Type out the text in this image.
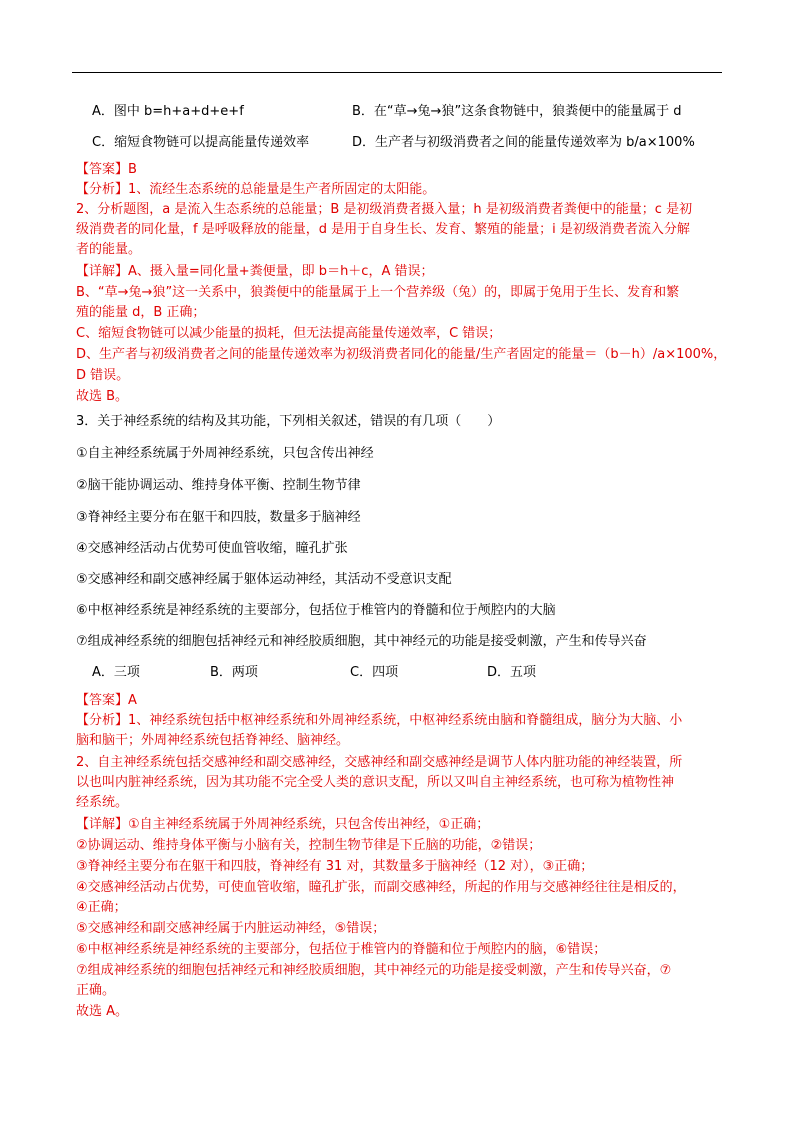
A．图中 b=h+a+d+e+f	B．在“草→兔→狼”这条食物链中，狼粪便中的能量属于 d
C．缩短食物链可以提高能量传递效率	D．生产者与初级消费者之间的能量传递效率为 b/a×100%
【答案】B
【分析】1、流经生态系统的总能量是生产者所固定的太阳能。
2、分析题图，a 是流入生态系统的总能量；B 是初级消费者摄入量；h 是初级消费者粪便中的能量；c 是初
级消费者的同化量，f 是呼吸释放的能量，d 是用于自身生长、发育、繁殖的能量；i 是初级消费者流入分解
者的能量。
【详解】A、摄入量=同化量+粪便量，即 b＝h＋c，A 错误；
B、“草→兔→狼”这一关系中，狼粪便中的能量属于上一个营养级（兔）的，即属于兔用于生长、发育和繁
殖的能量 d，B 正确；
C、缩短食物链可以减少能量的损耗，但无法提高能量传递效率，C 错误；
D、生产者与初级消费者之间的能量传递效率为初级消费者同化的能量/生产者固定的能量＝（b－h）/a×100%，
D 错误。
故选 B。
3．关于神经系统的结构及其功能，下列相关叙述，错误的有几项（　　）
①自主神经系统属于外周神经系统，只包含传出神经
②脑干能协调运动、维持身体平衡、控制生物节律
③脊神经主要分布在躯干和四肢，数量多于脑神经
④交感神经活动占优势可使血管收缩，瞳孔扩张
⑤交感神经和副交感神经属于躯体运动神经，其活动不受意识支配
⑥中枢神经系统是神经系统的主要部分，包括位于椎管内的脊髓和位于颅腔内的大脑
⑦组成神经系统的细胞包括神经元和神经胶质细胞，其中神经元的功能是接受刺激，产生和传导兴奋
A．三项	B．两项	C．四项	D．五项
【答案】A
【分析】1、神经系统包括中枢神经系统和外周神经系统，中枢神经系统由脑和脊髓组成，脑分为大脑、小
脑和脑干；外周神经系统包括脊神经、脑神经。
2、自主神经系统包括交感神经和副交感神经，交感神经和副交感神经是调节人体内脏功能的神经装置，所
以也叫内脏神经系统，因为其功能不完全受人类的意识支配，所以又叫自主神经系统，也可称为植物性神
经系统。
【详解】①自主神经系统属于外周神经系统，只包含传出神经，①正确；
②协调运动、维持身体平衡与小脑有关，控制生物节律是下丘脑的功能，②错误；
③脊神经主要分布在躯干和四肢，脊神经有 31 对，其数量多于脑神经（12 对），③正确；
④交感神经活动占优势，可使血管收缩，瞳孔扩张，而副交感神经，所起的作用与交感神经往往是相反的，
④正确；
⑤交感神经和副交感神经属于内脏运动神经，⑤错误；
⑥中枢神经系统是神经系统的主要部分，包括位于椎管内的脊髓和位于颅腔内的脑，⑥错误；
⑦组成神经系统的细胞包括神经元和神经胶质细胞，其中神经元的功能是接受刺激，产生和传导兴奋，⑦
正确。
故选 A。
